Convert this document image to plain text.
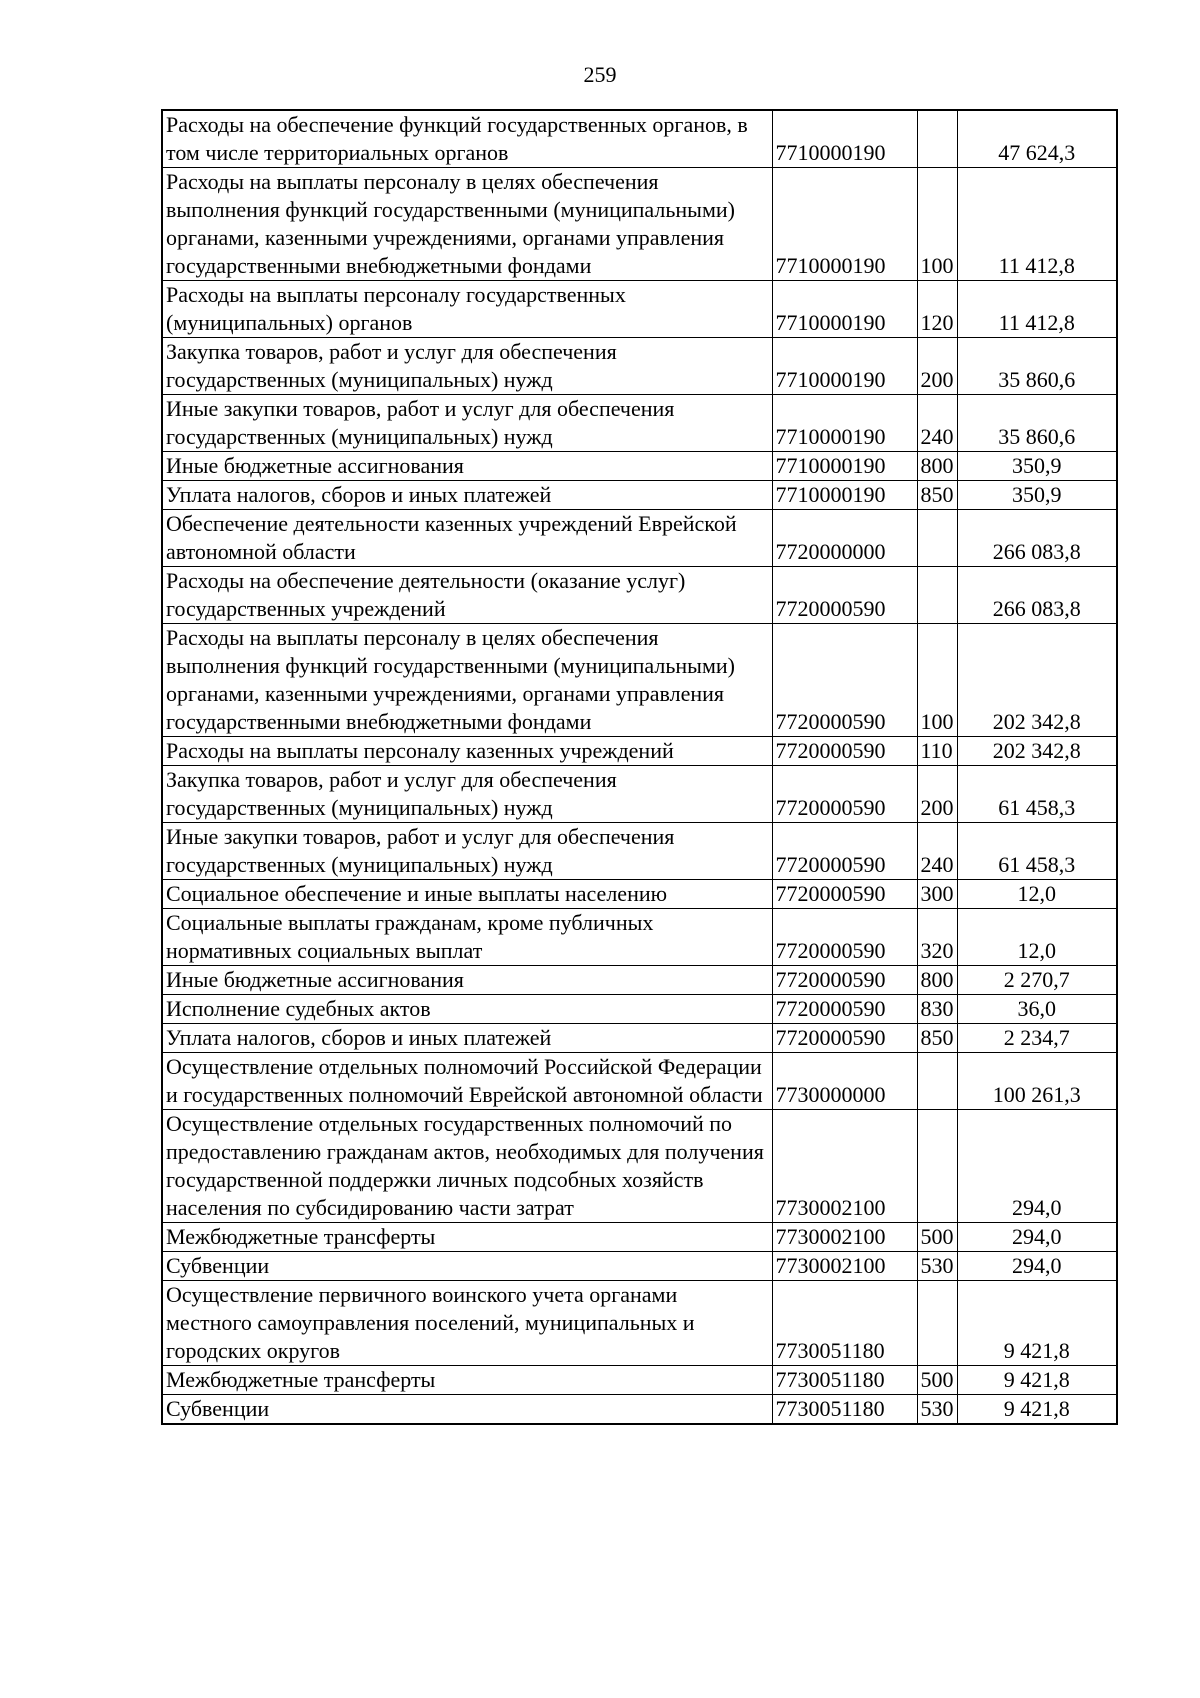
259
Расходы на обеспечение функций государственных органов, в том числе территориальных органов	7710000190		47 624,3
Расходы на выплаты персоналу в целях обеспечения выполнения функций государственными (муниципальными) органами, казенными учреждениями, органами управления государственными внебюджетными фондами	7710000190	100	11 412,8
Расходы на выплаты персоналу государственных (муниципальных) органов	7710000190	120	11 412,8
Закупка товаров, работ и услуг для обеспечения государственных (муниципальных) нужд	7710000190	200	35 860,6
Иные закупки товаров, работ и услуг для обеспечения государственных (муниципальных) нужд	7710000190	240	35 860,6
Иные бюджетные ассигнования	7710000190	800	350,9
Уплата налогов, сборов и иных платежей	7710000190	850	350,9
Обеспечение деятельности казенных учреждений Еврейской автономной области	7720000000		266 083,8
Расходы на обеспечение деятельности (оказание услуг) государственных учреждений	7720000590		266 083,8
Расходы на выплаты персоналу в целях обеспечения выполнения функций государственными (муниципальными) органами, казенными учреждениями, органами управления государственными внебюджетными фондами	7720000590	100	202 342,8
Расходы на выплаты персоналу казенных учреждений	7720000590	110	202 342,8
Закупка товаров, работ и услуг для обеспечения государственных (муниципальных) нужд	7720000590	200	61 458,3
Иные закупки товаров, работ и услуг для обеспечения государственных (муниципальных) нужд	7720000590	240	61 458,3
Социальное обеспечение и иные выплаты населению	7720000590	300	12,0
Социальные выплаты гражданам, кроме публичных нормативных социальных выплат	7720000590	320	12,0
Иные бюджетные ассигнования	7720000590	800	2 270,7
Исполнение судебных актов	7720000590	830	36,0
Уплата налогов, сборов и иных платежей	7720000590	850	2 234,7
Осуществление отдельных полномочий Российской Федерации и государственных полномочий Еврейской автономной области	7730000000		100 261,3
Осуществление отдельных государственных полномочий по предоставлению гражданам актов, необходимых для получения государственной поддержки личных подсобных хозяйств населения по субсидированию части затрат	7730002100		294,0
Межбюджетные трансферты	7730002100	500	294,0
Субвенции	7730002100	530	294,0
Осуществление первичного воинского учета органами местного самоуправления поселений, муниципальных и городских округов	7730051180		9 421,8
Межбюджетные трансферты	7730051180	500	9 421,8
Субвенции	7730051180	530	9 421,8
